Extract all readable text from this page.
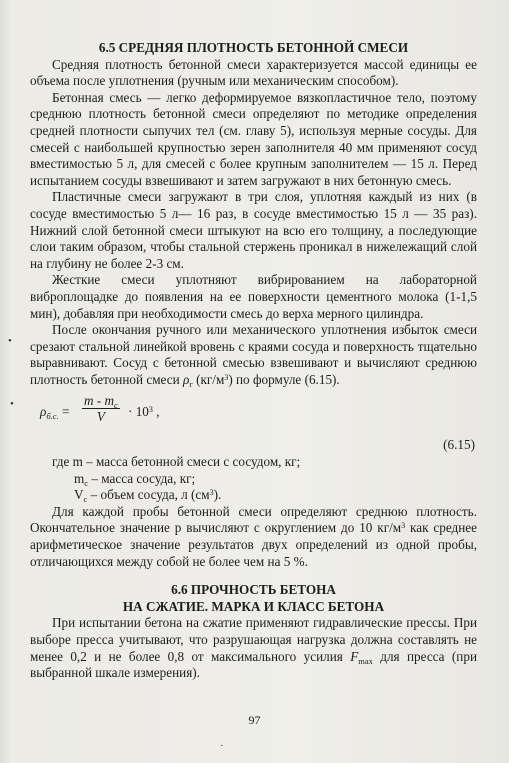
6.5 СРЕДНЯЯ ПЛОТНОСТЬ БЕТОННОЙ СМЕСИ

Средняя плотность бетонной смеси характеризуется массой единицы ее объема после уплотнения (ручным или механическим способом).

Бетонная смесь — легко деформируемое вязкопластичное тело, поэтому среднюю плотность бетонной смеси определяют по методике определения средней плотности сыпучих тел (см. главу 5), используя мерные сосуды. Для смесей с наибольшей крупностью зерен заполнителя 40 мм применяют сосуд вместимостью 5 л, для смесей с более крупным заполнителем — 15 л. Перед испытанием сосуды взвешивают и затем загружают в них бетонную смесь.

Пластичные смеси загружают в три слоя, уплотняя каждый из них (в сосуде вместимостью 5 л— 16 раз, в сосуде вместимостью 15 л — 35 раз). Нижний слой бетонной смеси штыкуют на всю его толщину, а последующие слои таким образом, чтобы стальной стержень проникал в нижележащий слой на глубину не более 2-3 см.

Жесткие смеси уплотняют вибрированием на лабораторной виброплощадке до появления на ее поверхности цементного молока (1-1,5 мин), добавляя при необходимости смесь до верха мерного цилиндра.

После окончания ручного или механического уплотнения избыток смеси срезают стальной линейкой вровень с краями сосуда и поверхность тщательно выравнивают. Сосуд с бетонной смесью взвешивают и вычисляют среднюю плотность бетонной смеси $\rho_г$ $(кг/м^3)$ по формуле (6.15).

$\rho_{б.с.} = \frac{m - m_c}{V} \cdot 10^3$ ,
(6.15)

где m – масса бетонной смеси с сосудом, кг;

$m_с$ – масса сосуда, кг;

$V_с$ – объем сосуда, л $(см^3)$.

Для каждой пробы бетонной смеси определяют среднюю плотность. Окончательное значение p вычисляют с округлением до 10 $кг/м^3$ как среднее арифметическое значение результатов двух определений из одной пробы, отличающихся между собой не более чем на 5 %.

6.6 ПРОЧНОСТЬ БЕТОНА
НА СЖАТИЕ. МАРКА И КЛАСС БЕТОНА

При испытании бетона на сжатие применяют гидравлические прессы. При выборе пресса учитывают, что разрушающая нагрузка должна составлять не менее 0,2 и не более 0,8 от максимального усилия $F_{max}$ для пресса (при выбранной шкале измерения).

97
•
•
·
